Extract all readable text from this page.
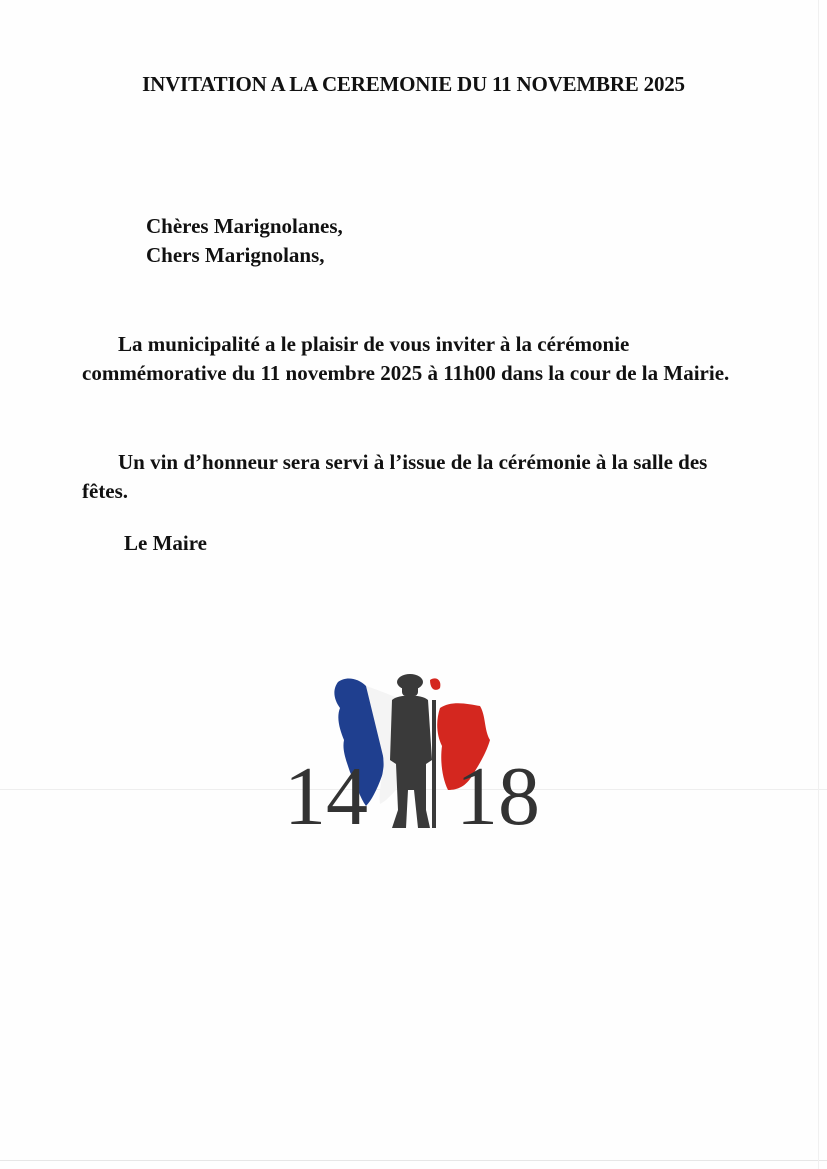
INVITATION A LA CEREMONIE DU 11 NOVEMBRE 2025
Chères Marignolanes,
Chers Marignolans,
La municipalité a le plaisir de vous inviter à la cérémonie commémorative du 11 novembre 2025 à 11h00 dans la cour de la Mairie.
Un vin d’honneur sera servi à l’issue de la cérémonie à la salle des fêtes.
Le Maire
14 18
